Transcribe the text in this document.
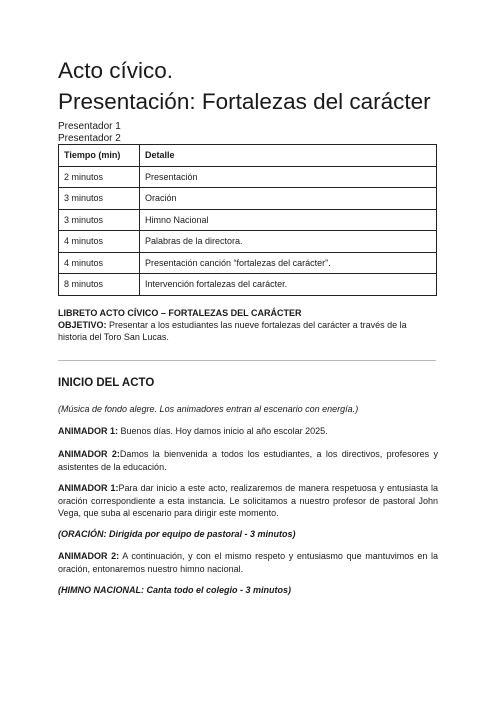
Acto cívico.
Presentación: Fortalezas del carácter
Presentador 1
Presentador 2
Tiempo (min)	Detalle
2 minutos	Presentación
3 minutos	Oración
3 minutos	Himno Nacional
4 minutos	Palabras de la directora.
4 minutos	Presentación canción “fortalezas del carácter”.
8 minutos	Intervención fortalezas del carácter.
LIBRETO ACTO CÍVICO – FORTALEZAS DEL CARÁCTER
OBJETIVO: Presentar a los estudiantes las nueve fortalezas del carácter a través de la historia del Toro San Lucas.
INICIO DEL ACTO
(Música de fondo alegre. Los animadores entran al escenario con energía.)
ANIMADOR 1: Buenos días. Hoy damos inicio al año escolar 2025.
ANIMADOR 2:Damos la bienvenida a todos los estudiantes, a los directivos, profesores y asistentes de la educación.
ANIMADOR 1:Para dar inicio a este acto, realizaremos de manera respetuosa y entusiasta la oración correspondiente a esta instancia. Le solicitamos a nuestro profesor de pastoral John Vega, que suba al escenario para dirigir este momento.
(ORACIÓN: Dirigida por equipo de pastoral - 3 minutos)
ANIMADOR 2: A continuación, y con el mismo respeto y entusiasmo que mantuvimos en la oración, entonaremos nuestro himno nacional.
(HIMNO NACIONAL: Canta todo el colegio - 3 minutos)
